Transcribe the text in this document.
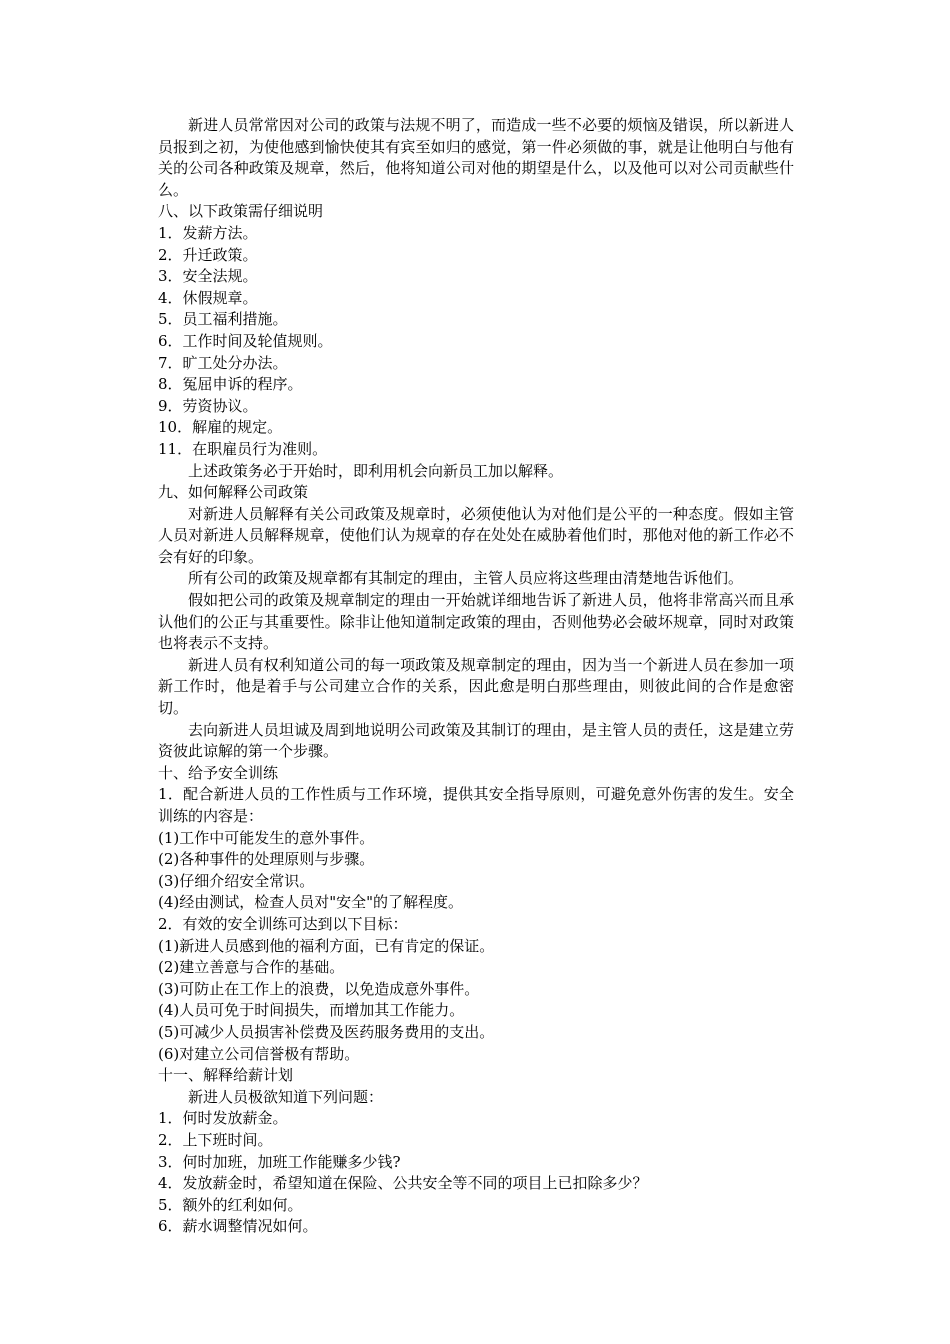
新进人员常常因对公司的政策与法规不明了，而造成一些不必要的烦恼及错误，所以新进人员报到之初，为使他感到愉快使其有宾至如归的感觉，第一件必须做的事，就是让他明白与他有关的公司各种政策及规章，然后，他将知道公司对他的期望是什么，以及他可以对公司贡献些什么。

八、以下政策需仔细说明

1．发薪方法。

2．升迁政策。

3．安全法规。

4．休假规章。

5．员工福利措施。

6．工作时间及轮值规则。

7．旷工处分办法。

8．冤屈申诉的程序。

9．劳资协议。

10．解雇的规定。

11．在职雇员行为准则。

上述政策务必于开始时，即利用机会向新员工加以解释。

九、如何解释公司政策

对新进人员解释有关公司政策及规章时，必须使他认为对他们是公平的一种态度。假如主管人员对新进人员解释规章，使他们认为规章的存在处处在威胁着他们时，那他对他的新工作必不会有好的印象。

所有公司的政策及规章都有其制定的理由，主管人员应将这些理由清楚地告诉他们。

假如把公司的政策及规章制定的理由一开始就详细地告诉了新进人员，他将非常高兴而且承认他们的公正与其重要性。除非让他知道制定政策的理由，否则他势必会破坏规章，同时对政策也将表示不支持。

新进人员有权利知道公司的每一项政策及规章制定的理由，因为当一个新进人员在参加一项新工作时，他是着手与公司建立合作的关系，因此愈是明白那些理由，则彼此间的合作是愈密切。

去向新进人员坦诚及周到地说明公司政策及其制订的理由，是主管人员的责任，这是建立劳资彼此谅解的第一个步骤。

十、给予安全训练

1．配合新进人员的工作性质与工作环境，提供其安全指导原则，可避免意外伤害的发生。安全训练的内容是：

(1)工作中可能发生的意外事件。

(2)各种事件的处理原则与步骤。

(3)仔细介绍安全常识。

(4)经由测试，检查人员对"安全"的了解程度。

2．有效的安全训练可达到以下目标：

(1)新进人员感到他的福利方面，已有肯定的保证。

(2)建立善意与合作的基础。

(3)可防止在工作上的浪费，以免造成意外事件。

(4)人员可免于时间损失，而增加其工作能力。

(5)可减少人员损害补偿费及医药服务费用的支出。

(6)对建立公司信誉极有帮助。

十一、解释给薪计划

新进人员极欲知道下列问题：

1．何时发放薪金。

2．上下班时间。

3．何时加班，加班工作能赚多少钱?

4．发放薪金时，希望知道在保险、公共安全等不同的项目上已扣除多少？

5．额外的红利如何。

6．薪水调整情况如何。
